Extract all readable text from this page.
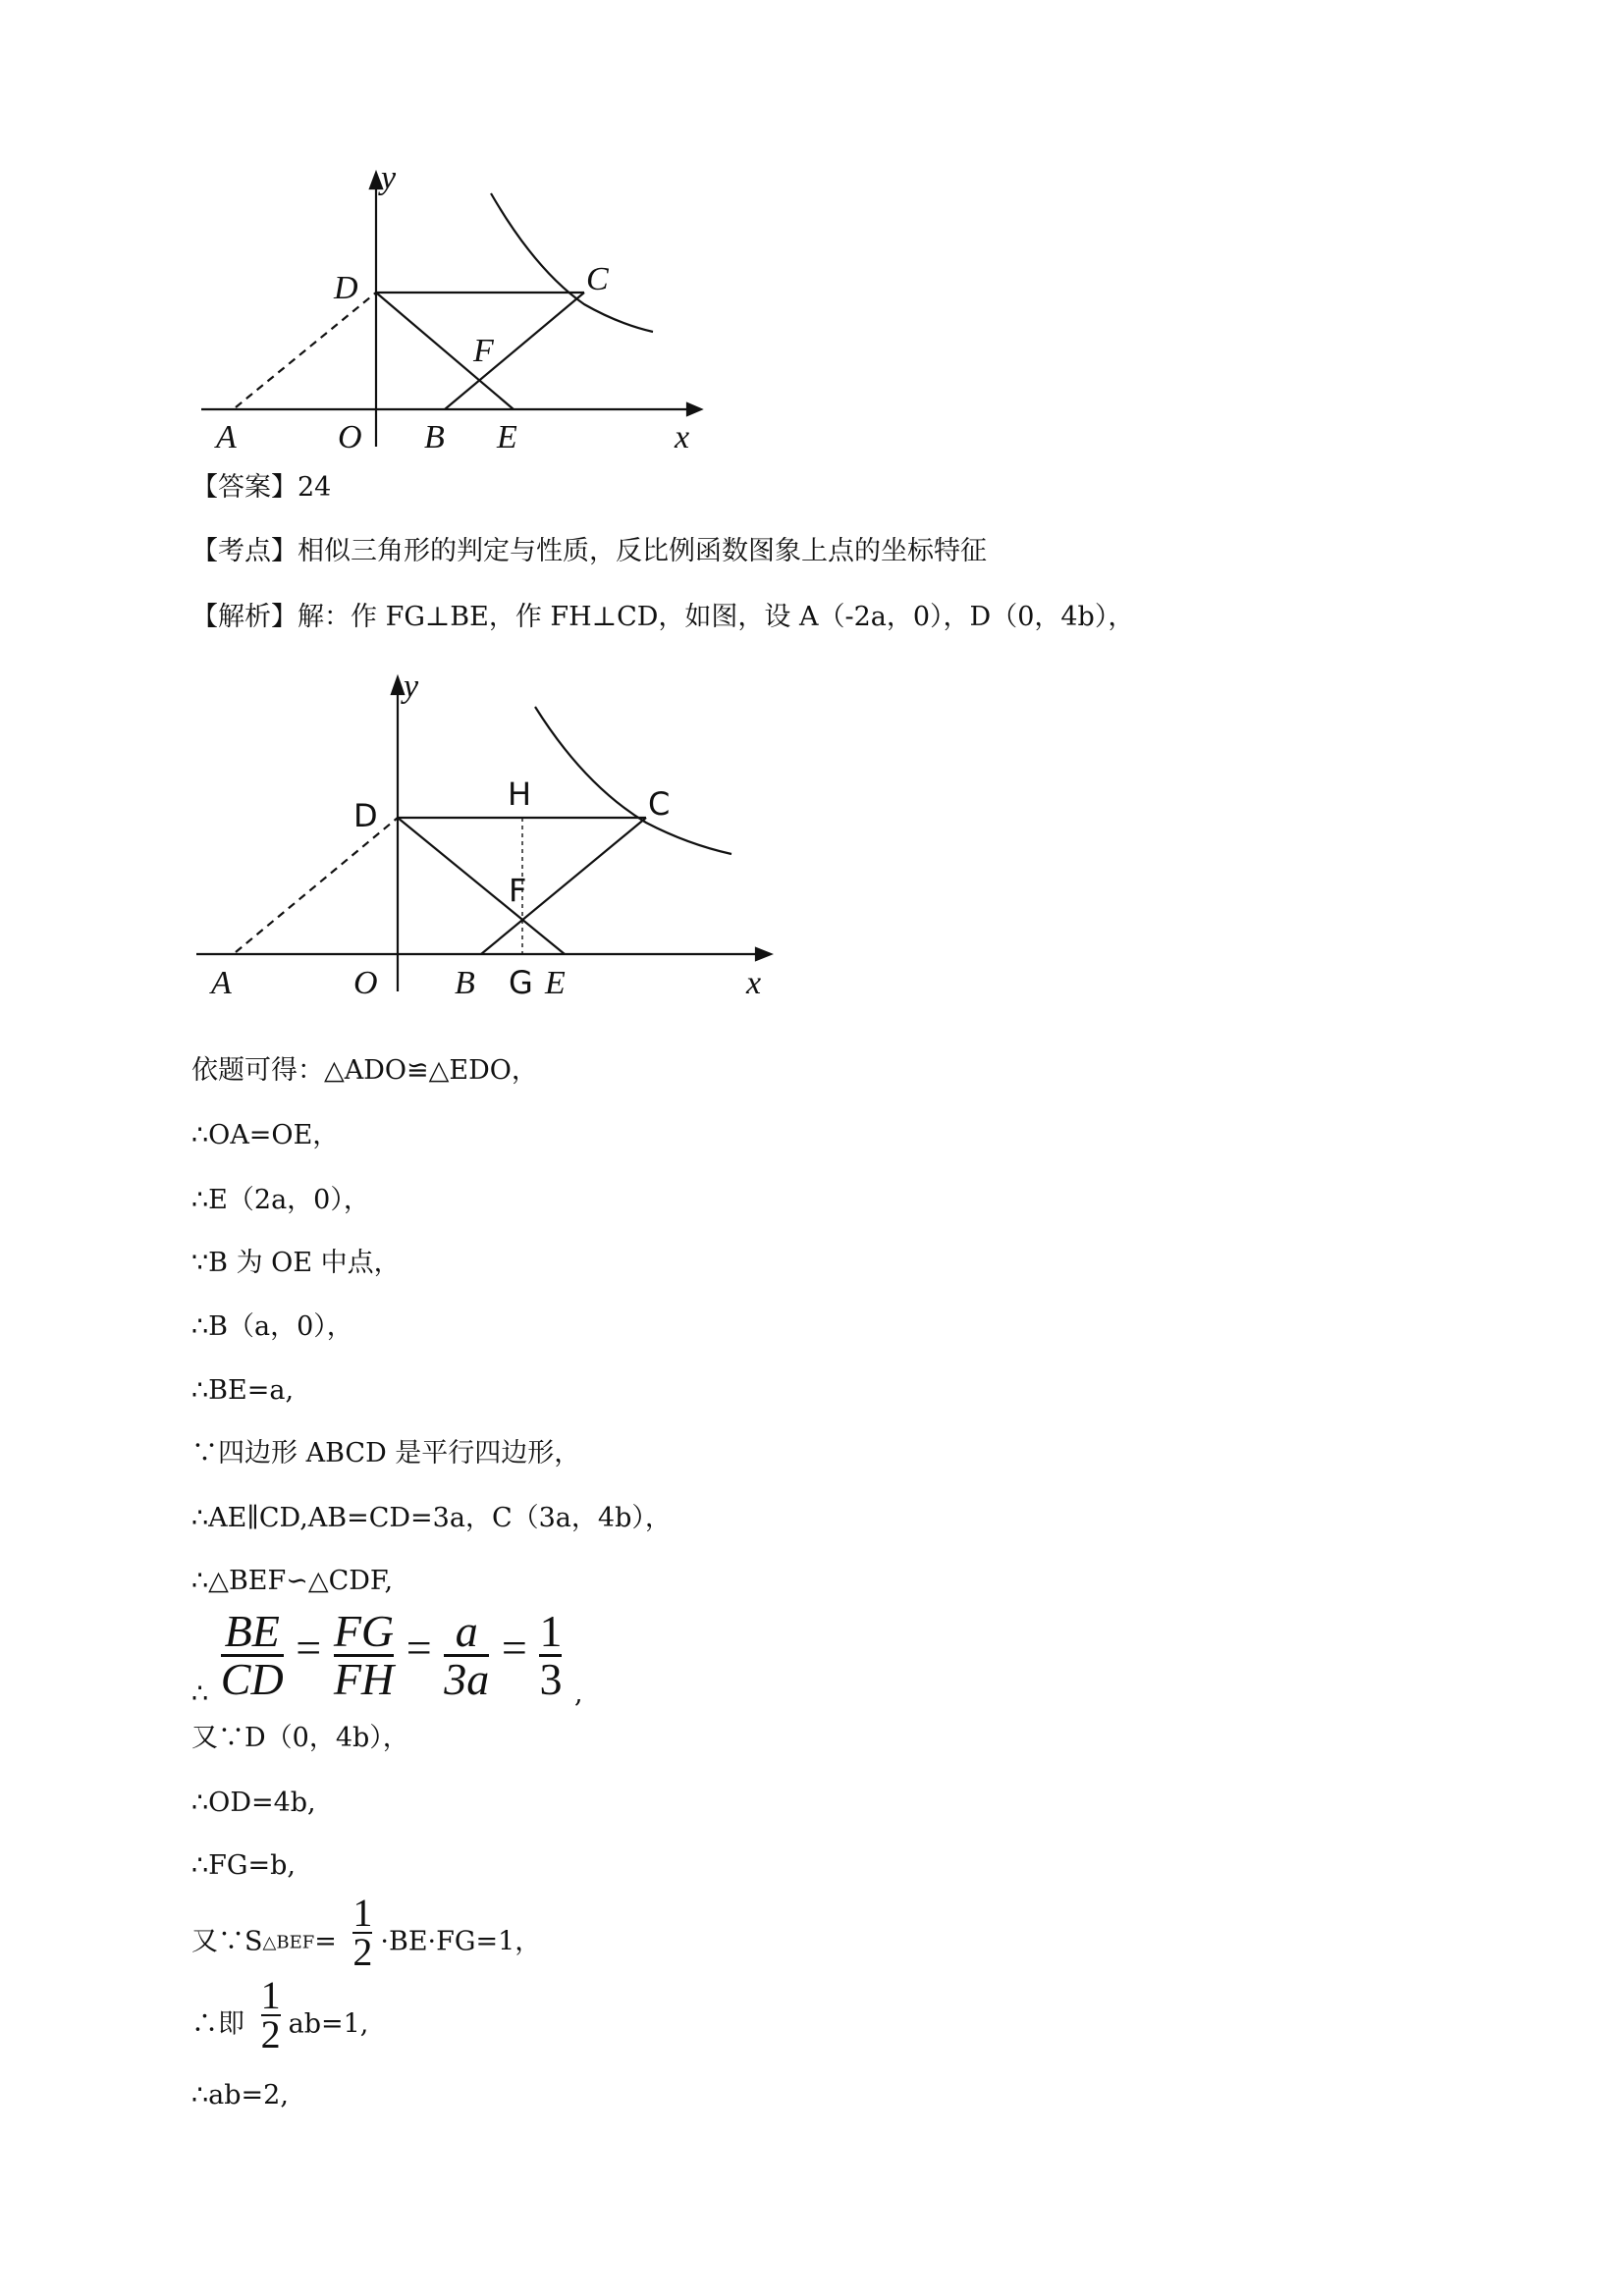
y
D	C
F
A	O B E	x
【答案】24
【考点】相似三角形的判定与性质，反比例函数图象上点的坐标特征
【解析】解：作 FG⊥BE，作 FH⊥CD，如图，设 A（-2a，0），D（0，4b），
y
D
H	C
F
A	O B G E	x
依题可得：△ADO≌△EDO，
∴OA=OE，
∴E（2a，0），
∵B 为 OE 中点，
∴B（a，0），
∴BE=a,
∵四边形 ABCD 是平行四边形，
∴AE∥CD,AB=CD=3a，C（3a，4b），
∴△BEF∽△CDF,
∴ $\frac{BE}{CD} = \frac{FG}{FH} = \frac{a}{3a} = \frac{1}{3}$ ,
又∵D（0，4b），
∴OD=4b,
∴FG=b,
又$\because S_{\triangle BEF}= \frac{1}{2} \cdot BE\cdot FG=1$，
∴即 $\frac{1}{2} ab=1$,
∴ab=2,
